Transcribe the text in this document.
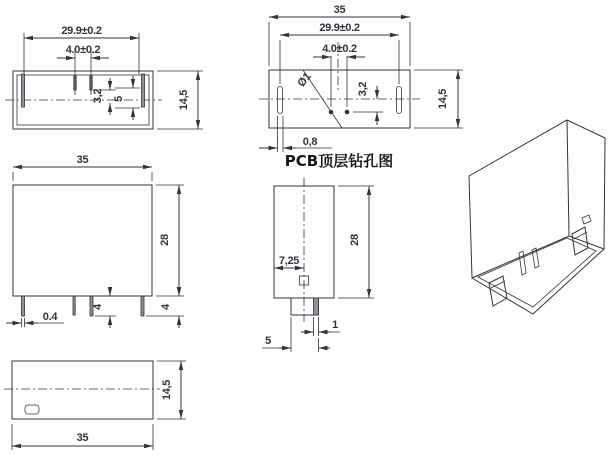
29.9±0.2
4.0±0.2
3,2 5	14,5
35
29.9±0.2
4.0±0.2
Ø1	3,2	14,5
0,8
PCB顶层钻孔图
35
28
0.4
4	4
28
7,25
1
5
14,5
35
